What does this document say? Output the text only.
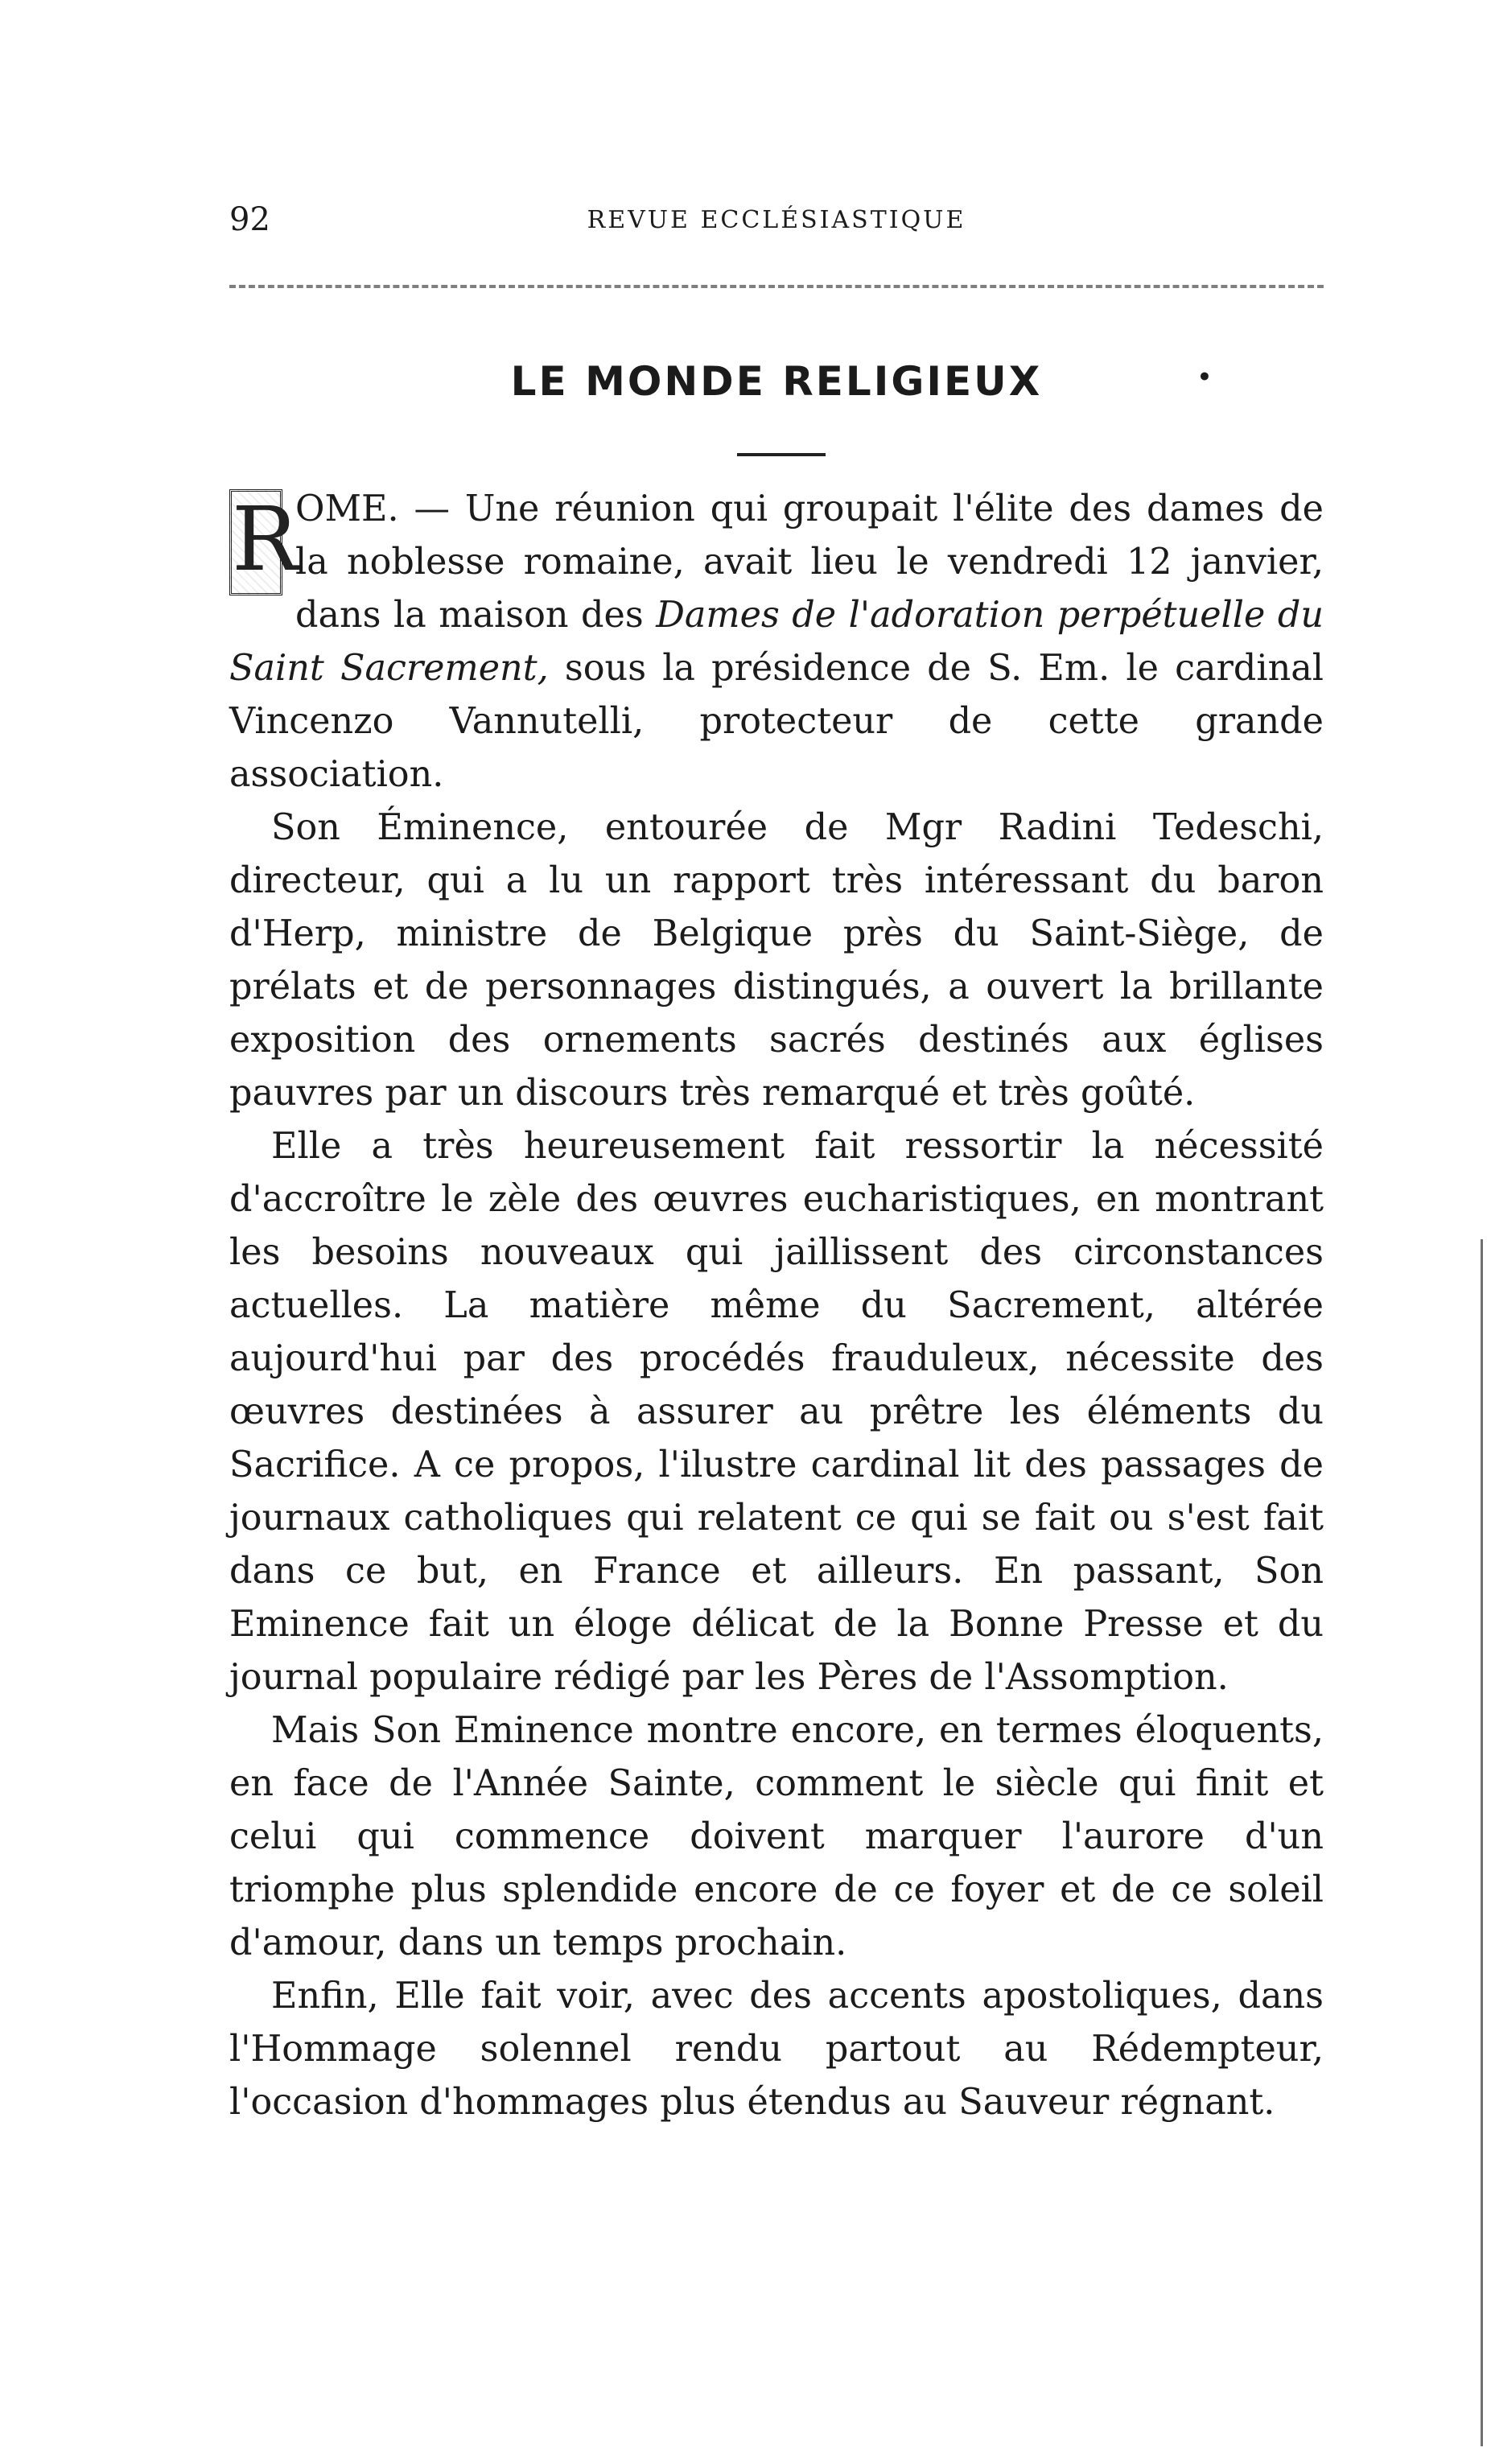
92	REVUE ECCLÉSIASTIQUE
LE MONDE RELIGIEUX	•

R
OME. — Une réunion qui groupait l'élite des dames de la noblesse romaine, avait lieu le vendredi 12 janvier, dans la maison des Dames de l'adoration perpétuelle du Saint Sacrement, sous la présidence de S. Em. le cardinal Vincenzo Vannutelli, protecteur de cette grande association.

Son Éminence, entourée de Mgr Radini Tedeschi, directeur, qui a lu un rapport très intéressant du baron d'Herp, ministre de Belgique près du Saint-Siège, de prélats et de personnages distingués, a ouvert la brillante exposition des ornements sacrés destinés aux églises pauvres par un discours très remarqué et très goûté.

Elle a très heureusement fait ressortir la nécessité d'accroître le zèle des œuvres eucharistiques, en montrant les besoins nouveaux qui jaillissent des circonstances actuelles. La matière même du Sacrement, altérée aujourd'hui par des procédés frauduleux, nécessite des œuvres destinées à assurer au prêtre les éléments du Sacrifice. A ce propos, l'ilustre cardinal lit des passages de journaux catholiques qui relatent ce qui se fait ou s'est fait dans ce but, en France et ailleurs. En passant, Son Eminence fait un éloge délicat de la Bonne Presse et du journal populaire rédigé par les Pères de l'Assomption.

Mais Son Eminence montre encore, en termes éloquents, en face de l'Année Sainte, comment le siècle qui finit et celui qui commence doivent marquer l'aurore d'un triomphe plus splendide encore de ce foyer et de ce soleil d'amour, dans un temps prochain.

Enfin, Elle fait voir, avec des accents apostoliques, dans l'Hommage solennel rendu partout au Rédempteur, l'occasion d'hommages plus étendus au Sauveur régnant.
